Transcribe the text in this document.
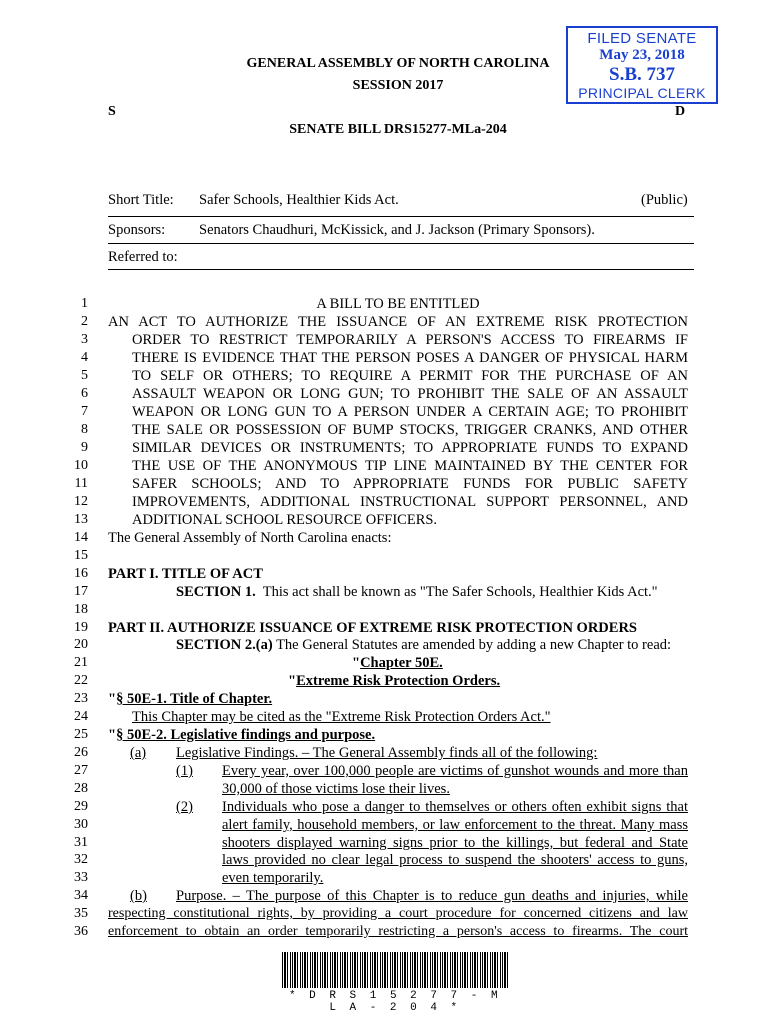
FILED SENATE
May 23, 2018
S.B. 737
PRINCIPAL CLERK
GENERAL ASSEMBLY OF NORTH CAROLINA
SESSION 2017
S	D
SENATE BILL DRS15277-MLa-204
Short Title: Safer Schools, Healthier Kids Act.	(Public)
Sponsors: Senators Chaudhuri, McKissick, and J. Jackson (Primary Sponsors).
Referred to:
1
2
3
4
5
6
7
8
9
10
11
12
13
14
15
16
17
18
19
20
21
22
23
24
25
26
27
28
29
30
31
32
33
34
35
36
A BILL TO BE ENTITLED
AN ACT TO AUTHORIZE THE ISSUANCE OF AN EXTREME RISK PROTECTION
ORDER TO RESTRICT TEMPORARILY A PERSON'S ACCESS TO FIREARMS IF
THERE IS EVIDENCE THAT THE PERSON POSES A DANGER OF PHYSICAL HARM
TO SELF OR OTHERS; TO REQUIRE A PERMIT FOR THE PURCHASE OF AN
ASSAULT WEAPON OR LONG GUN; TO PROHIBIT THE SALE OF AN ASSAULT
WEAPON OR LONG GUN TO A PERSON UNDER A CERTAIN AGE; TO PROHIBIT
THE SALE OR POSSESSION OF BUMP STOCKS, TRIGGER CRANKS, AND OTHER
SIMILAR DEVICES OR INSTRUMENTS; TO APPROPRIATE FUNDS TO EXPAND
THE USE OF THE ANONYMOUS TIP LINE MAINTAINED BY THE CENTER FOR
SAFER SCHOOLS; AND TO APPROPRIATE FUNDS FOR PUBLIC SAFETY
IMPROVEMENTS, ADDITIONAL INSTRUCTIONAL SUPPORT PERSONNEL, AND
ADDITIONAL SCHOOL RESOURCE OFFICERS.
The General Assembly of North Carolina enacts:
PART I. TITLE OF ACT
SECTION 1. This act shall be known as "The Safer Schools, Healthier Kids Act."
PART II. AUTHORIZE ISSUANCE OF EXTREME RISK PROTECTION ORDERS
SECTION 2.(a) The General Statutes are amended by adding a new Chapter to read:
"Chapter 50E.
"Extreme Risk Protection Orders.
"§ 50E-1. Title of Chapter.
This Chapter may be cited as the "Extreme Risk Protection Orders Act."
"§ 50E-2. Legislative findings and purpose.
(a) Legislative Findings. – The General Assembly finds all of the following:
(1) Every year, over 100,000 people are victims of gunshot wounds and more than
30,000 of those victims lose their lives.
(2) Individuals who pose a danger to themselves or others often exhibit signs that
alert family, household members, or law enforcement to the threat. Many mass
shooters displayed warning signs prior to the killings, but federal and State
laws provided no clear legal process to suspend the shooters' access to guns,
even temporarily.
(b) Purpose. – The purpose of this Chapter is to reduce gun deaths and injuries, while
respecting constitutional rights, by providing a court procedure for concerned citizens and law
enforcement to obtain an order temporarily restricting a person's access to firearms. The court
* D R S 1 5 2 7 7 - M L A - 2 0 4 *
